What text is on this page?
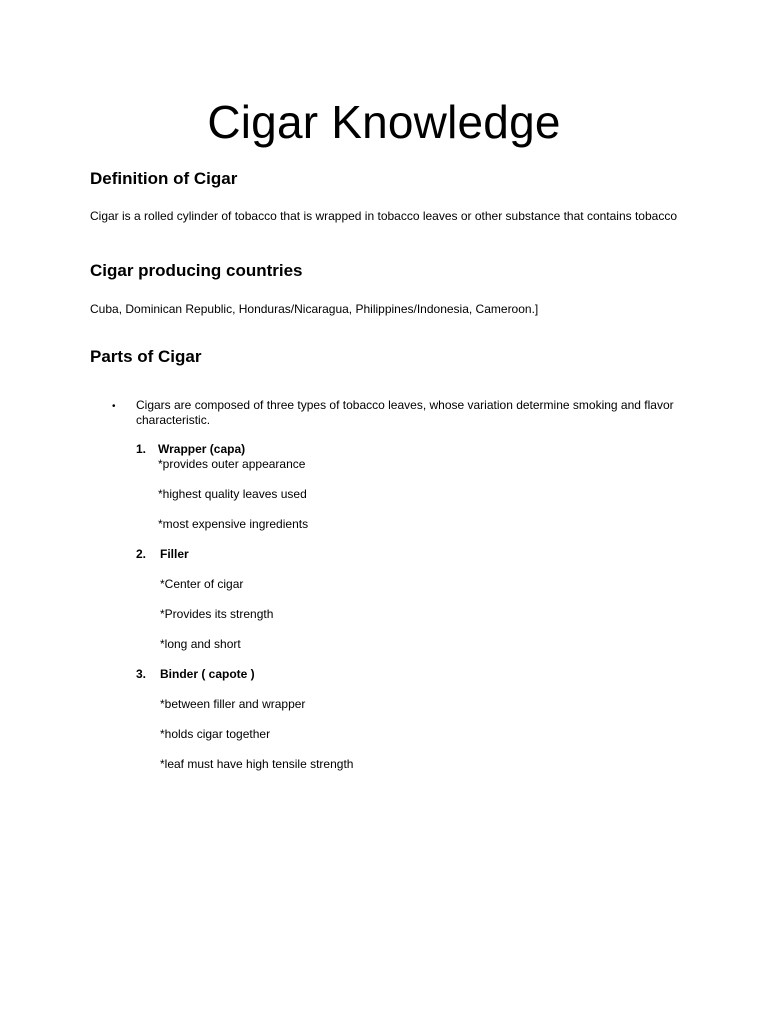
Cigar Knowledge
Definition of Cigar

Cigar is a rolled cylinder of tobacco that is wrapped in tobacco leaves or other substance that contains tobacco

Cigar producing countries

Cuba, Dominican Republic, Honduras/Nicaragua, Philippines/Indonesia, Cameroon.]

Parts of Cigar
• Cigars are composed of three types of tobacco leaves, whose variation determine smoking and flavor characteristic.

1. Wrapper (capa)
*provides outer appearance
*highest quality leaves used
*most expensive ingredients
2. Filler
*Center of cigar
*Provides its strength
*long and short
3. Binder ( capote )
*between filler and wrapper
*holds cigar together
*leaf must have high tensile strength
